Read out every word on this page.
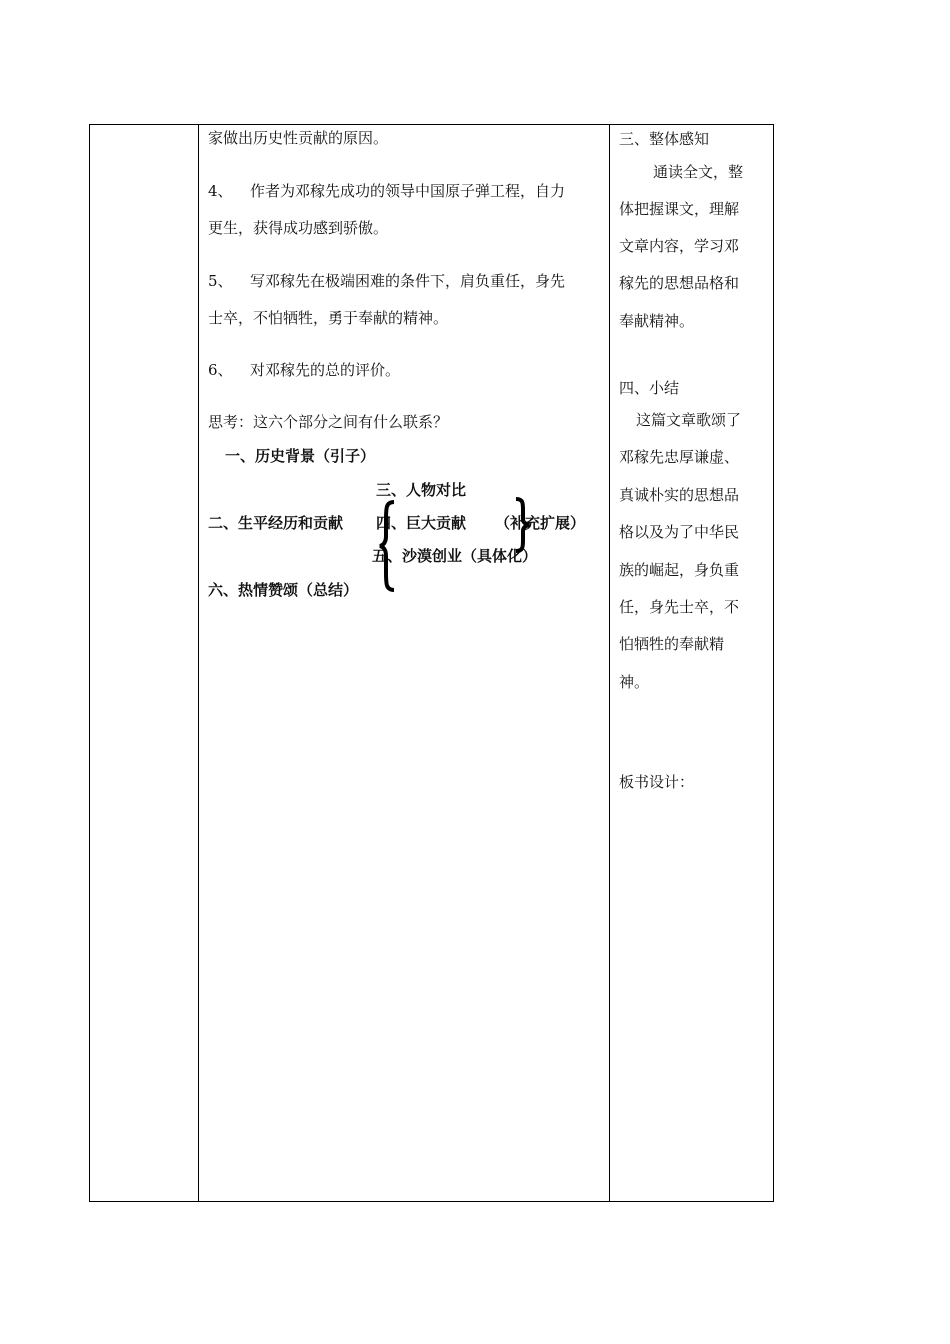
家做出历史性贡献的原因。
4、 作者为邓稼先成功的领导中国原子弹工程，自力
更生，获得成功感到骄傲。
5、 写邓稼先在极端困难的条件下，肩负重任，身先
士卒，不怕牺牲，勇于奉献的精神。
6、 对邓稼先的总的评价。
思考：这六个部分之间有什么联系？
一、历史背景（引子）
三、人物对比
二、生平经历和贡献 四、巨大贡献 （补充扩展）
五、沙漠创业（具体化）
六、热情赞颂（总结）
三、整体感知
通读全文，整
体把握课文，理解
文章内容，学习邓
稼先的思想品格和
奉献精神。
四、小结
这篇文章歌颂了
邓稼先忠厚谦虚、
真诚朴实的思想品
格以及为了中华民
族的崛起，身负重
任，身先士卒，不
怕牺牲的奉献精
神。
板书设计：
